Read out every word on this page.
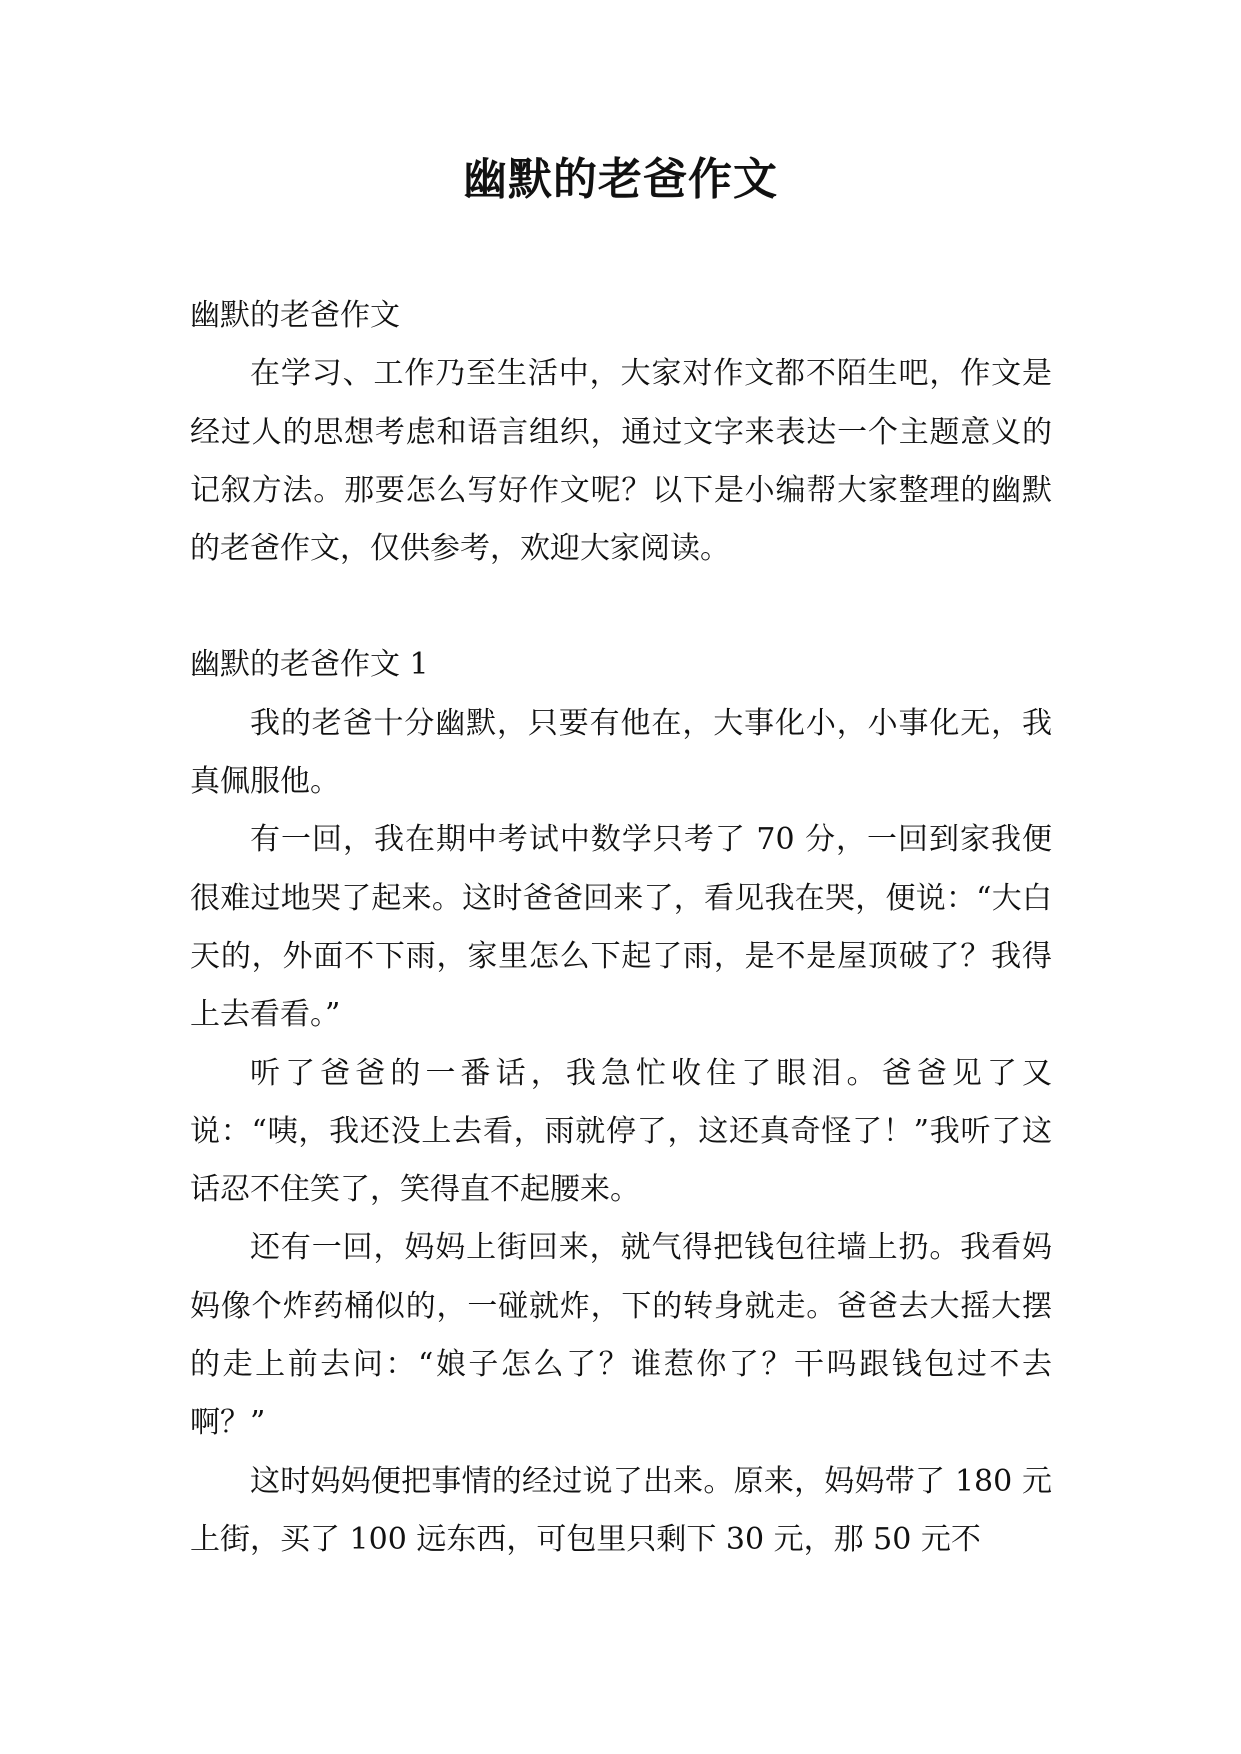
幽默的老爸作文

幽默的老爸作文

在学习、工作乃至生活中，大家对作文都不陌生吧，作文是经过人的思想考虑和语言组织，通过文字来表达一个主题意义的记叙方法。那要怎么写好作文呢？以下是小编帮大家整理的幽默的老爸作文，仅供参考，欢迎大家阅读。

幽默的老爸作文 1

我的老爸十分幽默，只要有他在，大事化小，小事化无，我真佩服他。

有一回，我在期中考试中数学只考了 70 分，一回到家我便很难过地哭了起来。这时爸爸回来了，看见我在哭，便说：“大白天的，外面不下雨，家里怎么下起了雨，是不是屋顶破了？我得上去看看。”

听了爸爸的一番话，我急忙收住了眼泪。爸爸见了又说：“咦，我还没上去看，雨就停了，这还真奇怪了！”我听了这话忍不住笑了，笑得直不起腰来。

还有一回，妈妈上街回来，就气得把钱包往墙上扔。我看妈妈像个炸药桶似的，一碰就炸，下的转身就走。爸爸去大摇大摆的走上前去问：“娘子怎么了？谁惹你了？干吗跟钱包过不去啊？”

这时妈妈便把事情的经过说了出来。原来，妈妈带了 180 元上街，买了 100 远东西，可包里只剩下 30 元，那 50 元不
